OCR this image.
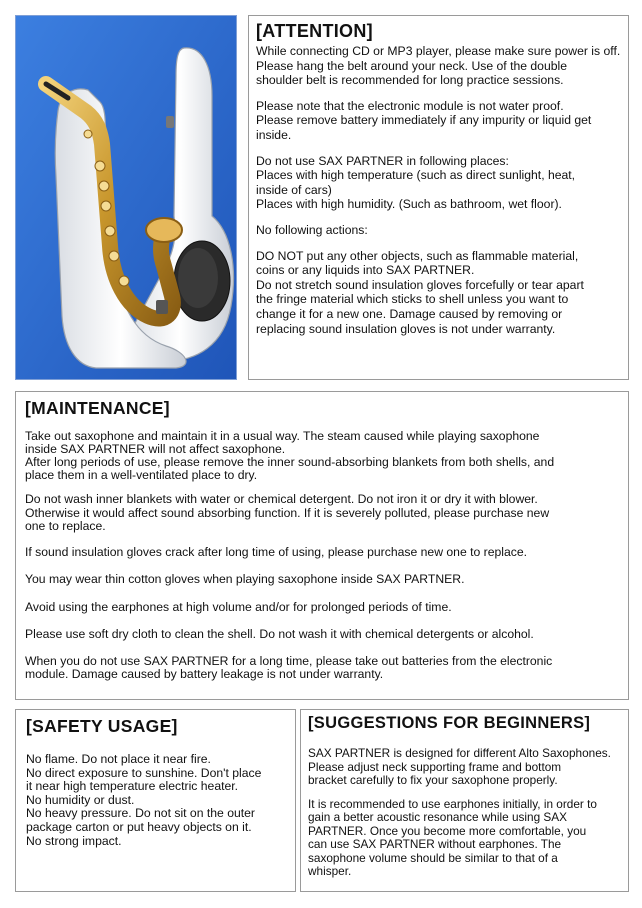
[ATTENTION]

While connecting CD or MP3 player, please make sure power is off.
Please hang the belt around your neck. Use of the double
shoulder belt is recommended for long practice sessions.

Please note that the electronic module is not water proof.
Please remove battery immediately if any impurity or liquid get
inside.

Do not use SAX PARTNER in following places:
Places with high temperature (such as direct sunlight, heat,
inside of cars)
Places with high humidity. (Such as bathroom, wet floor).

No following actions:

DO NOT put any other objects, such as flammable material,
coins or any liquids into SAX PARTNER.
Do not stretch sound insulation gloves forcefully or tear apart
the fringe material which sticks to shell unless you want to
change it for a new one. Damage caused by removing or
replacing sound insulation gloves is not under warranty.

[MAINTENANCE]

Take out saxophone and maintain it in a usual way. The steam caused while playing saxophone
inside SAX PARTNER will not affect saxophone.
After long periods of use, please remove the inner sound-absorbing blankets from both shells, and
place them in a well-ventilated place to dry.

Do not wash inner blankets with water or chemical detergent. Do not iron it or dry it with blower.
Otherwise it would affect sound absorbing function. If it is severely polluted, please purchase new
one to replace.

If sound insulation gloves crack after long time of using, please purchase new one to replace.

You may wear thin cotton gloves when playing saxophone inside SAX PARTNER.

Avoid using the earphones at high volume and/or for prolonged periods of time.

Please use soft dry cloth to clean the shell. Do not wash it with chemical detergents or alcohol.

When you do not use SAX PARTNER for a long time, please take out batteries from the electronic
module. Damage caused by battery leakage is not under warranty.

[SAFETY USAGE]
No flame. Do not place it near fire.
No direct exposure to sunshine. Don't place
it near high temperature electric heater.
No humidity or dust.
No heavy pressure. Do not sit on the outer
package carton or put heavy objects on it.
No strong impact.
[SUGGESTIONS FOR BEGINNERS]

SAX PARTNER is designed for different Alto Saxophones.
Please adjust neck supporting frame and bottom
bracket carefully to fix your saxophone properly.

It is recommended to use earphones initially, in order to
gain a better acoustic resonance while using SAX
PARTNER. Once you become more comfortable, you
can use SAX PARTNER without earphones. The
saxophone volume should be similar to that of a
whisper.
